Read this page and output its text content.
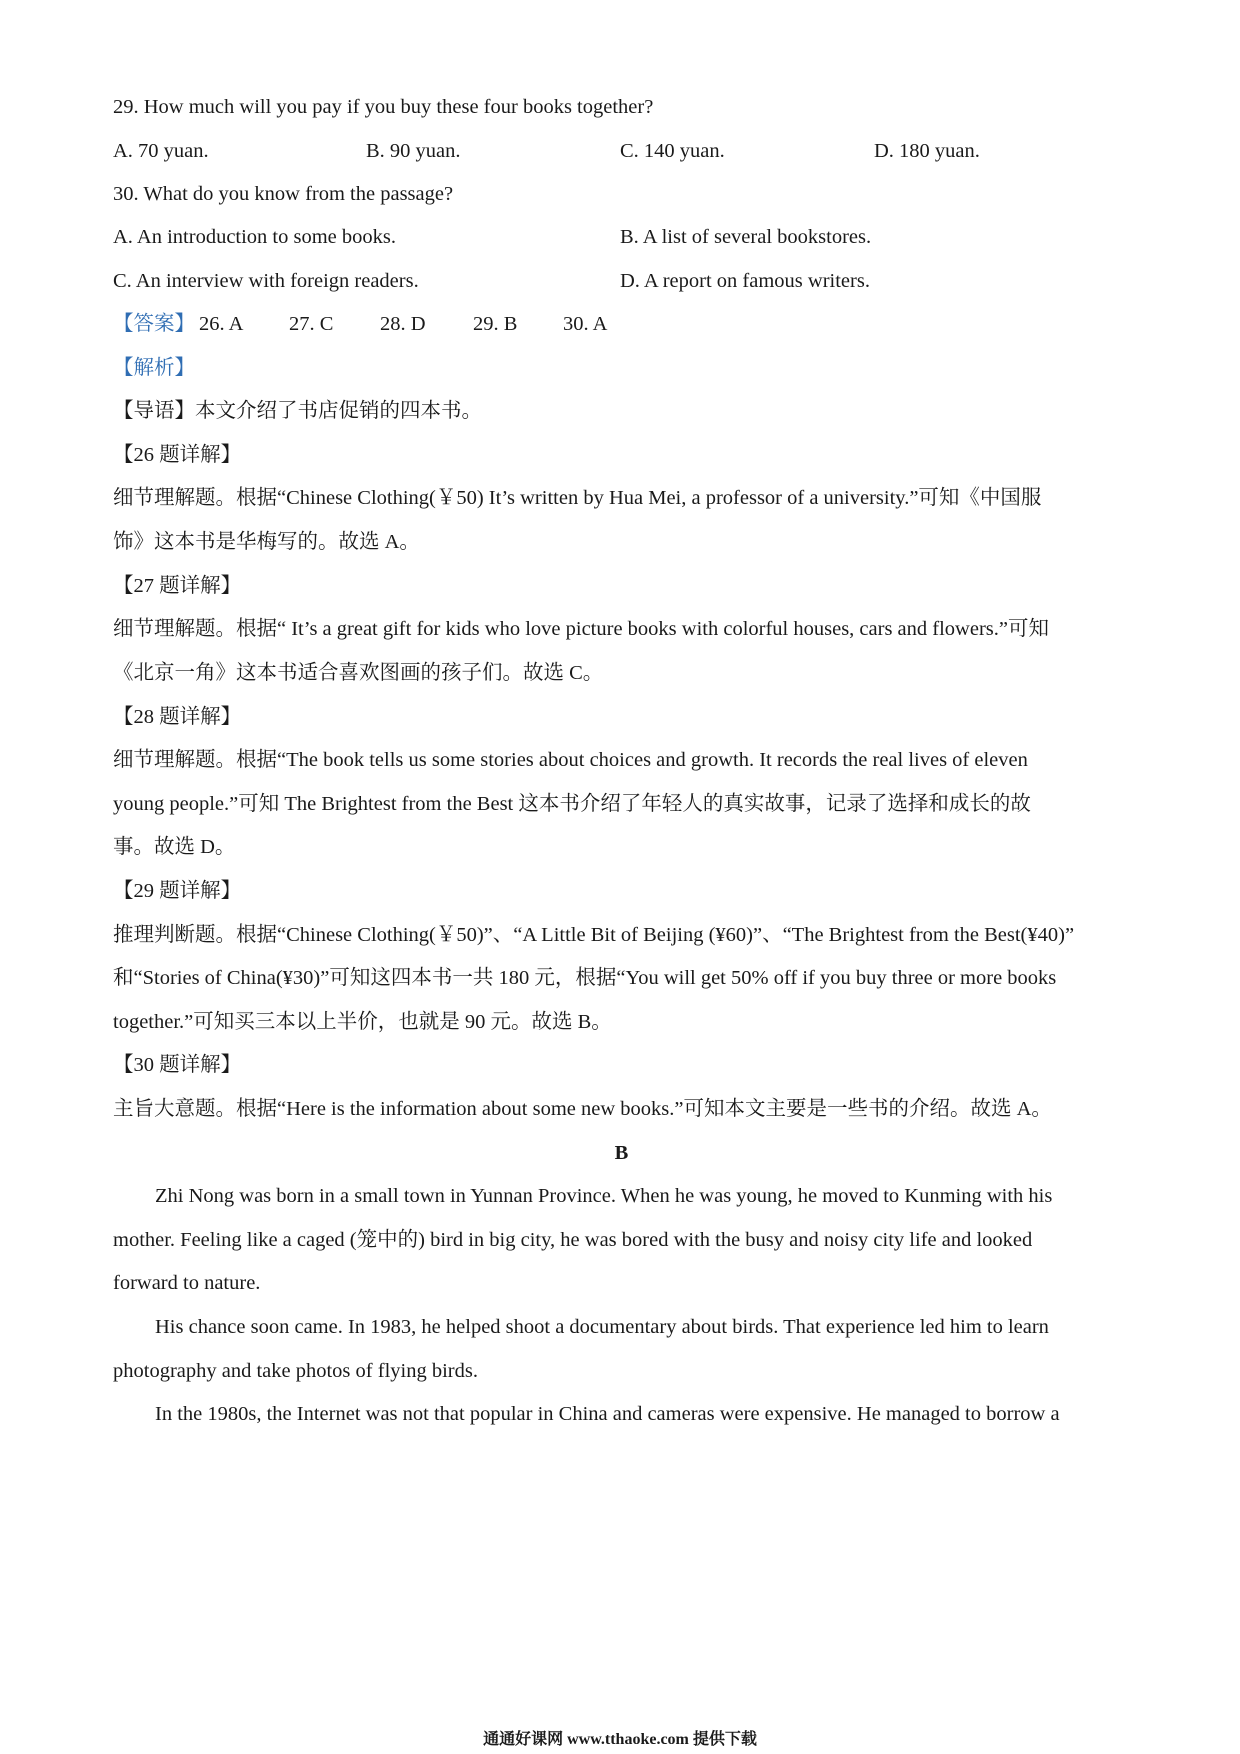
29. How much will you pay if you buy these four books together?
A. 70 yuan.	B. 90 yuan.	C. 140 yuan.	D. 180 yuan.
30. What do you know from the passage?
A. An introduction to some books.	B. A list of several bookstores.
C. An interview with foreign readers.	D. A report on famous writers.
【答案】 26. A 27. C 28. D 29. B 30. A
【解析】
【导语】本文介绍了书店促销的四本书。
【26 题详解】
细节理解题。根据“Chinese Clothing(￥50) It’s written by Hua Mei, a professor of a university.”可知《中国服
饰》这本书是华梅写的。故选 A。
【27 题详解】
细节理解题。根据“ It’s a great gift for kids who love picture books with colorful houses, cars and flowers.”可知
《北京一角》这本书适合喜欢图画的孩子们。故选 C。
【28 题详解】
细节理解题。根据“The book tells us some stories about choices and growth. It records the real lives of eleven
young people.”可知 The Brightest from the Best 这本书介绍了年轻人的真实故事，记录了选择和成长的故
事。故选 D。
【29 题详解】
推理判断题。根据“Chinese Clothing(￥50)”、“A Little Bit of Beijing (¥60)”、“The Brightest from the Best(¥40)”
和“Stories of China(¥30)”可知这四本书一共 180 元，根据“You will get 50% off if you buy three or more books
together.”可知买三本以上半价，也就是 90 元。故选 B。
【30 题详解】
主旨大意题。根据“Here is the information about some new books.”可知本文主要是一些书的介绍。故选 A。
B
Zhi Nong was born in a small town in Yunnan Province. When he was young, he moved to Kunming with his
mother. Feeling like a caged (笼中的) bird in big city, he was bored with the busy and noisy city life and looked
forward to nature.
His chance soon came. In 1983, he helped shoot a documentary about birds. That experience led him to learn
photography and take photos of flying birds.
In the 1980s, the Internet was not that popular in China and cameras were expensive. He managed to borrow a
通通好课网 www.tthaoke.com 提供下载
